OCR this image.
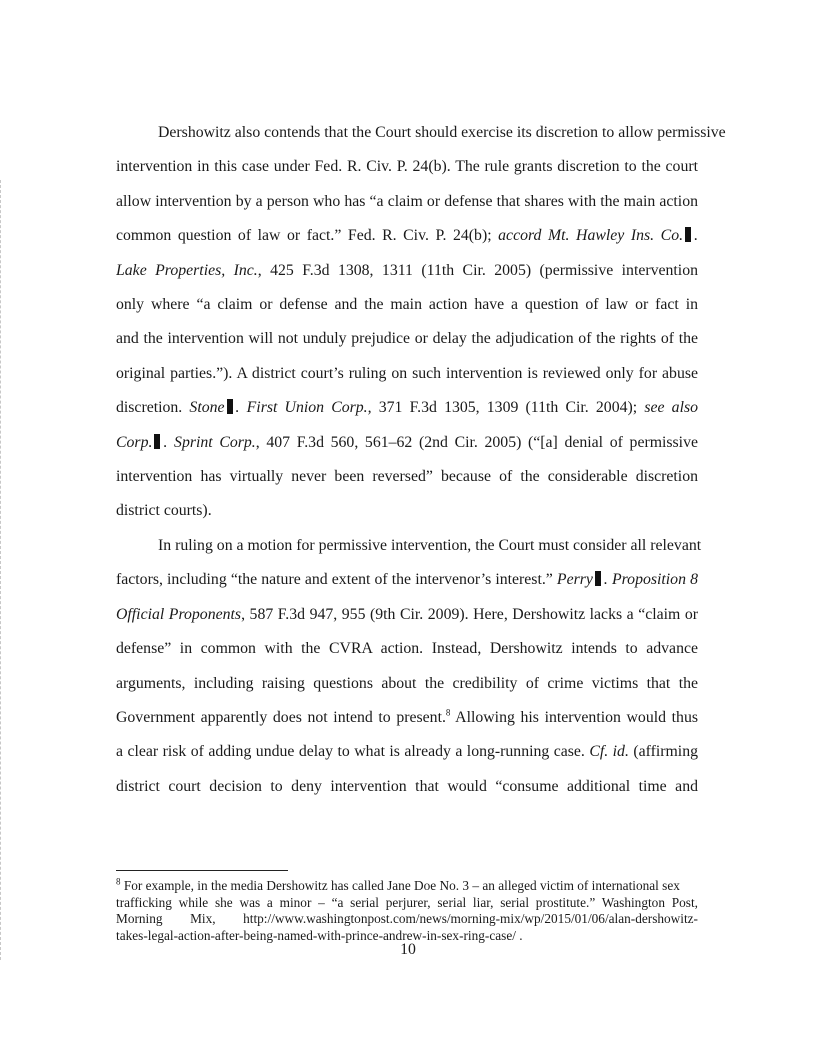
Dershowitz also contends that the Court should exercise its discretion to allow permissive
intervention in this case under Fed. R. Civ. P. 24(b). The rule grants discretion to the court
allow intervention by a person who has “a claim or defense that shares with the main action
common question of law or fact.” Fed. R. Civ. P. 24(b); accord Mt. Hawley Ins. Co. .
Lake Properties, Inc., 425 F.3d 1308, 1311 (11th Cir. 2005) (permissive intervention
only where “a claim or defense and the main action have a question of law or fact in
and the intervention will not unduly prejudice or delay the adjudication of the rights of the
original parties.”). A district court’s ruling on such intervention is reviewed only for abuse
discretion. Stone . First Union Corp., 371 F.3d 1305, 1309 (11th Cir. 2004); see also
Corp. . Sprint Corp., 407 F.3d 560, 561–62 (2nd Cir. 2005) (“[a] denial of permissive
intervention has virtually never been reversed” because of the considerable discretion
district courts).
In ruling on a motion for permissive intervention, the Court must consider all relevant
factors, including “the nature and extent of the intervenor’s interest.” Perry . Proposition 8
Official Proponents, 587 F.3d 947, 955 (9th Cir. 2009). Here, Dershowitz lacks a “claim or
defense” in common with the CVRA action. Instead, Dershowitz intends to advance
arguments, including raising questions about the credibility of crime victims that the
Government apparently does not intend to present.$^8$ Allowing his intervention would thus
a clear risk of adding undue delay to what is already a long-running case. Cf. id. (affirming
district court decision to deny intervention that would “consume additional time and
$^8$ For example, in the media Dershowitz has called Jane Doe No. 3 – an alleged victim of international sex
trafficking while she was a minor – “a serial perjurer, serial liar, serial prostitute.” Washington Post,
Morning Mix, http://www.washingtonpost.com/news/morning-mix/wp/2015/01/06/alan-dershowitz-
takes-legal-action-after-being-named-with-prince-andrew-in-sex-ring-case/ .
10
